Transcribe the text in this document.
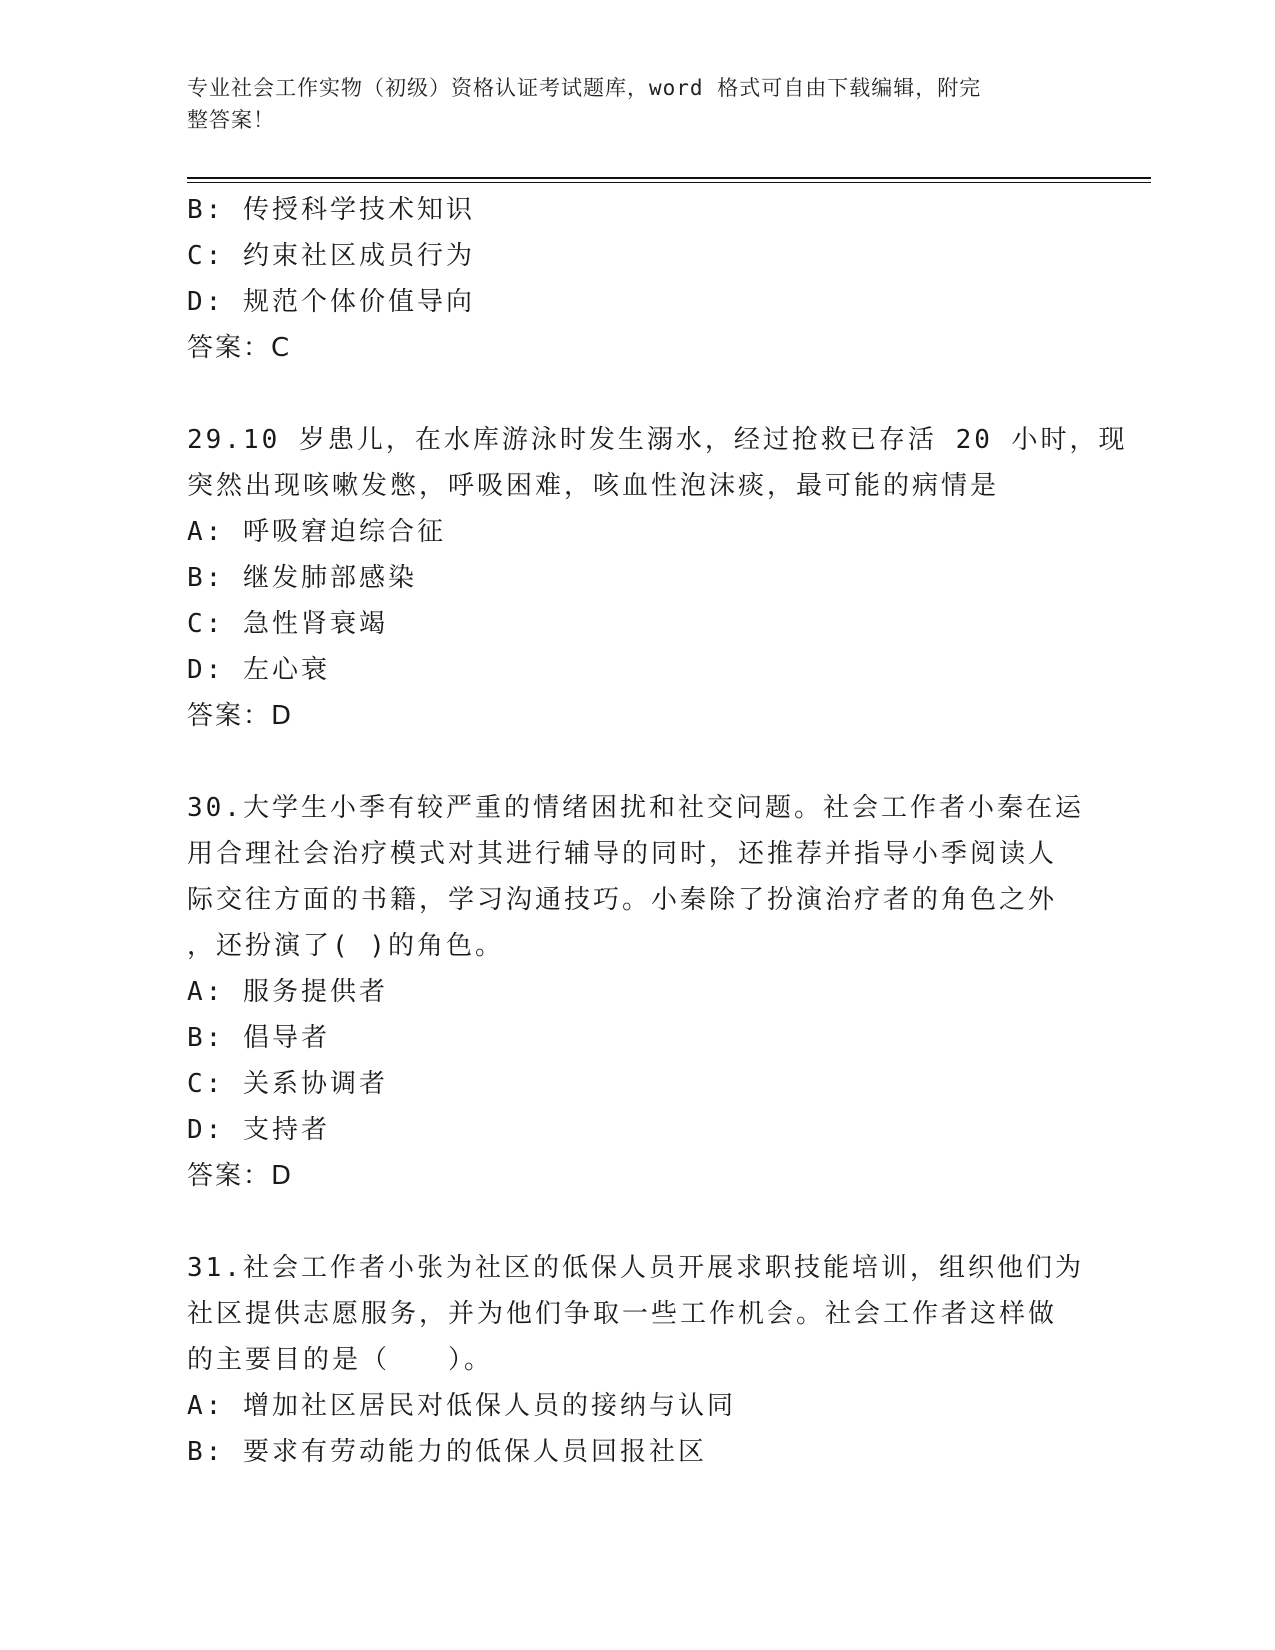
专业社会工作实物（初级）资格认证考试题库，word 格式可自由下载编辑，附完
整答案！
B: 传授科学技术知识
C: 约束社区成员行为
D: 规范个体价值导向
答案：C
29.10 岁患儿，在水库游泳时发生溺水，经过抢救已存活 20 小时，现
突然出现咳嗽发憋，呼吸困难，咳血性泡沫痰，最可能的病情是
A: 呼吸窘迫综合征
B: 继发肺部感染
C: 急性肾衰竭
D: 左心衰
答案：D
30.大学生小季有较严重的情绪困扰和社交问题。社会工作者小秦在运
用合理社会治疗模式对其进行辅导的同时，还推荐并指导小季阅读人
际交往方面的书籍，学习沟通技巧。小秦除了扮演治疗者的角色之外
，还扮演了( )的角色。
A: 服务提供者
B: 倡导者
C: 关系协调者
D: 支持者
答案：D
31.社会工作者小张为社区的低保人员开展求职技能培训，组织他们为
社区提供志愿服务，并为他们争取一些工作机会。社会工作者这样做
的主要目的是（　　）。
A: 增加社区居民对低保人员的接纳与认同
B: 要求有劳动能力的低保人员回报社区
